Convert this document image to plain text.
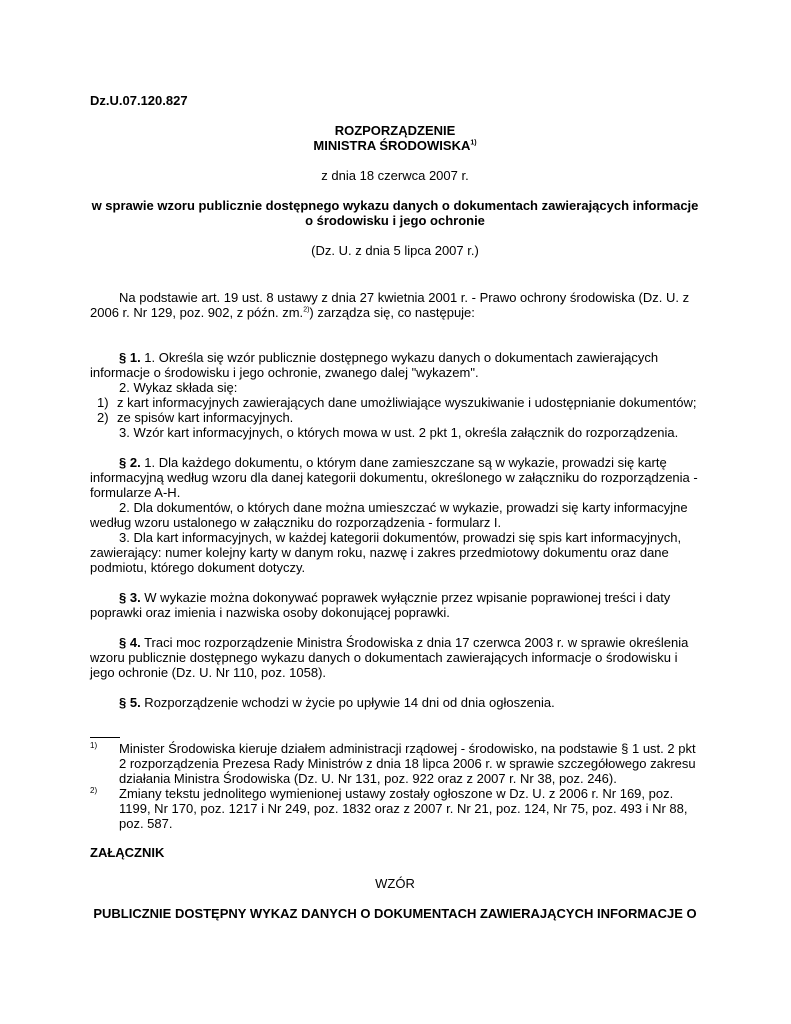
Dz.U.07.120.827

ROZPORZĄDZENIE

MINISTRA ŚRODOWISKA$^{1)}$

z dnia 18 czerwca 2007 r.

w sprawie wzoru publicznie dostępnego wykazu danych o dokumentach zawierających informacje

o środowisku i jego ochronie

(Dz. U. z dnia 5 lipca 2007 r.)

Na podstawie art. 19 ust. 8 ustawy z dnia 27 kwietnia 2001 r. - Prawo ochrony środowiska (Dz. U. z

2006 r. Nr 129, poz. 902, z późn. zm.$^{2)}$) zarządza się, co następuje:

§ 1. 1. Określa się wzór publicznie dostępnego wykazu danych o dokumentach zawierających

informacje o środowisku i jego ochronie, zwanego dalej "wykazem".

2. Wykaz składa się:

1) z kart informacyjnych zawierających dane umożliwiające wyszukiwanie i udostępnianie dokumentów;

2) ze spisów kart informacyjnych.

3. Wzór kart informacyjnych, o których mowa w ust. 2 pkt 1, określa załącznik do rozporządzenia.

§ 2. 1. Dla każdego dokumentu, o którym dane zamieszczane są w wykazie, prowadzi się kartę

informacyjną według wzoru dla danej kategorii dokumentu, określonego w załączniku do rozporządzenia -

formularze A-H.

2. Dla dokumentów, o których dane można umieszczać w wykazie, prowadzi się karty informacyjne

według wzoru ustalonego w załączniku do rozporządzenia - formularz I.

3. Dla kart informacyjnych, w każdej kategorii dokumentów, prowadzi się spis kart informacyjnych,

zawierający: numer kolejny karty w danym roku, nazwę i zakres przedmiotowy dokumentu oraz dane

podmiotu, którego dokument dotyczy.

§ 3. W wykazie można dokonywać poprawek wyłącznie przez wpisanie poprawionej treści i daty

poprawki oraz imienia i nazwiska osoby dokonującej poprawki.

§ 4. Traci moc rozporządzenie Ministra Środowiska z dnia 17 czerwca 2003 r. w sprawie określenia

wzoru publicznie dostępnego wykazu danych o dokumentach zawierających informacje o środowisku i

jego ochronie (Dz. U. Nr 110, poz. 1058).

§ 5. Rozporządzenie wchodzi w życie po upływie 14 dni od dnia ogłoszenia.

1) Minister Środowiska kieruje działem administracji rządowej - środowisko, na podstawie § 1 ust. 2 pkt

2 rozporządzenia Prezesa Rady Ministrów z dnia 18 lipca 2006 r. w sprawie szczegółowego zakresu

działania Ministra Środowiska (Dz. U. Nr 131, poz. 922 oraz z 2007 r. Nr 38, poz. 246).

2) Zmiany tekstu jednolitego wymienionej ustawy zostały ogłoszone w Dz. U. z 2006 r. Nr 169, poz.

1199, Nr 170, poz. 1217 i Nr 249, poz. 1832 oraz z 2007 r. Nr 21, poz. 124, Nr 75, poz. 493 i Nr 88,

poz. 587.

ZAŁĄCZNIK

WZÓR

PUBLICZNIE DOSTĘPNY WYKAZ DANYCH O DOKUMENTACH ZAWIERAJĄCYCH INFORMACJE O
